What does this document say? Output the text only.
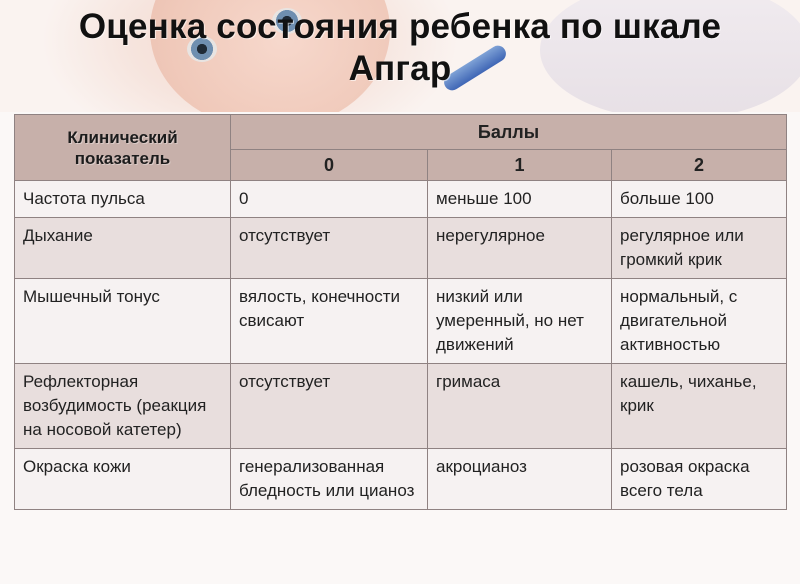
Оценка состояния ребенка по шкале
Апгар
Клинический показатель	Баллы		
	0	1	2
Частота пульса	0	меньше 100	больше 100
Дыхание	отсутствует	нерегулярное	регулярное или громкий крик
Мышечный тонус	вялость, конечности свисают	низкий или умеренный, но нет движений	нормальный, с двигательной активностью
Рефлекторная возбудимость (реакция на носовой катетер)	отсутствует	гримаса	кашель, чиханье, крик
Окраска кожи	генерализованная бледность или цианоз	акроцианоз	розовая окраска всего тела
